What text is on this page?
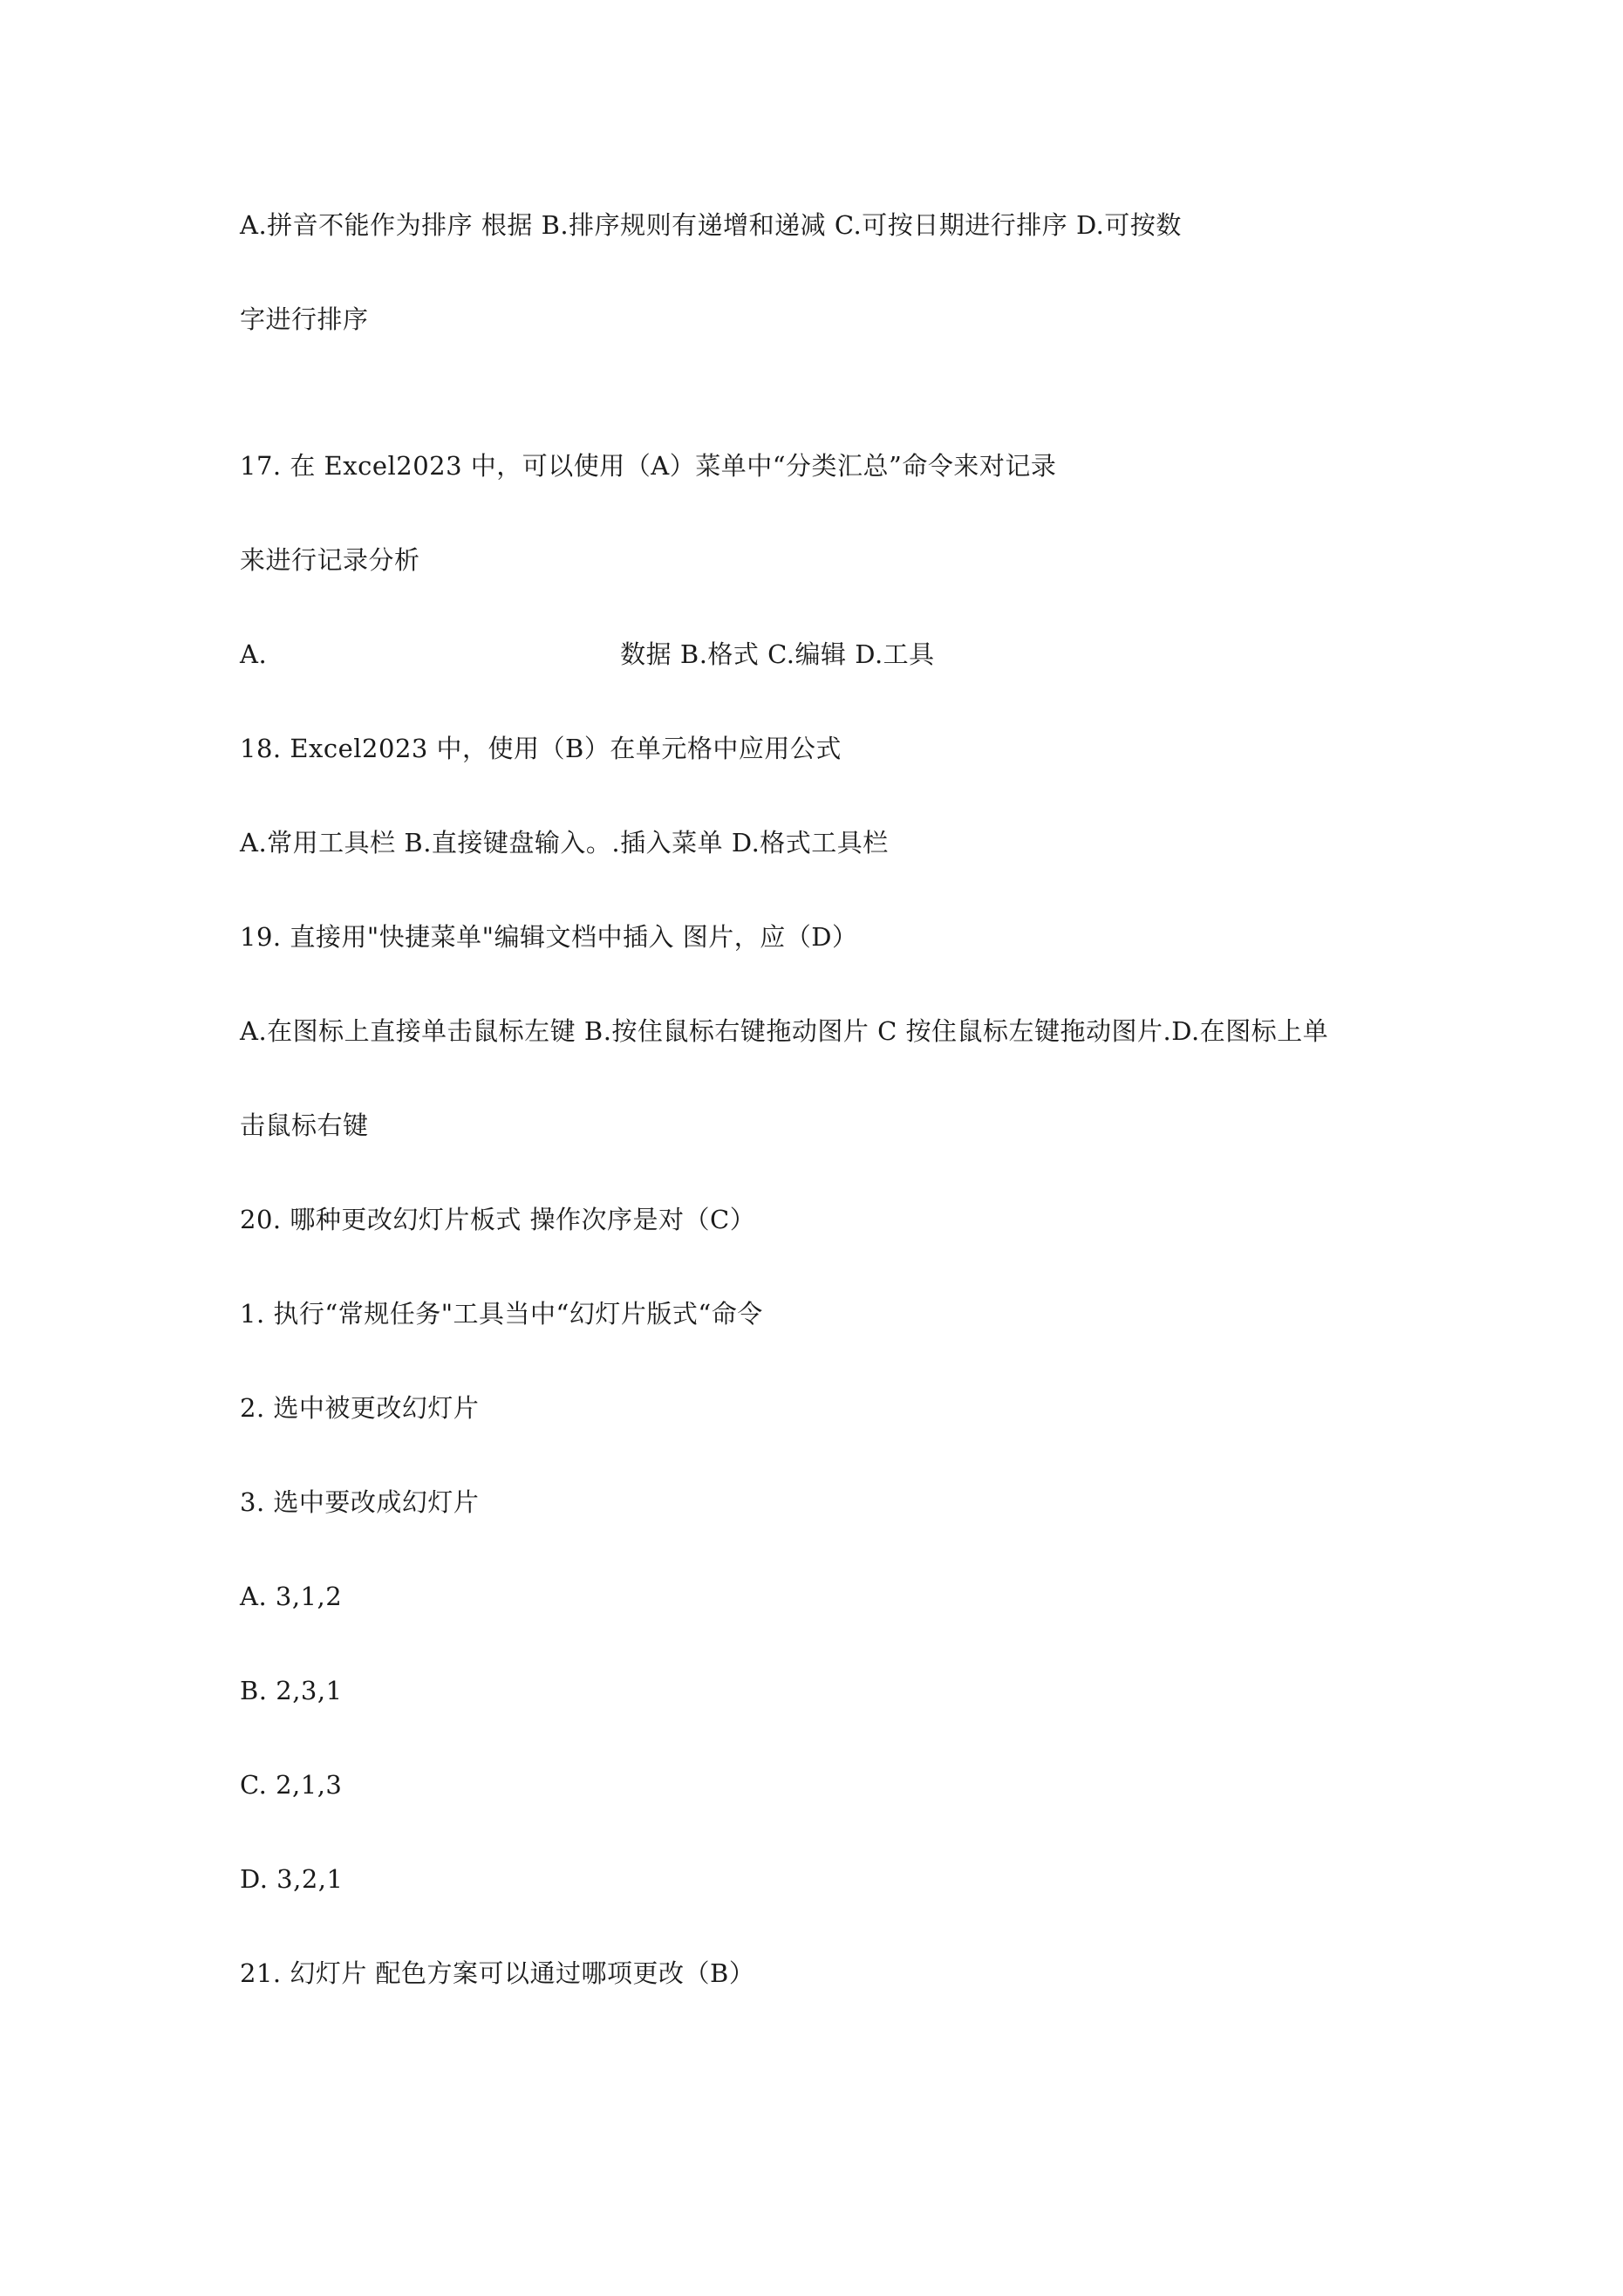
A.拼音不能作为排序 根据 B.排序规则有递增和递减 C.可按日期进行排序 D.可按数

字进行排序

17. 在 Excel2023 中，可以使用（A）菜单中“分类汇总”命令来对记录

来进行记录分析

A.	数据 B.格式 C.编辑 D.工具

18. Excel2023 中，使用（B）在单元格中应用公式

A.常用工具栏 B.直接键盘输入。.插入菜单 D.格式工具栏

19. 直接用"快捷菜单"编辑文档中插入 图片，应（D）

A.在图标上直接单击鼠标左键 B.按住鼠标右键拖动图片 C 按住鼠标左键拖动图片.D.在图标上单

击鼠标右键

20. 哪种更改幻灯片板式 操作次序是对（C）

1. 执行“常规任务"工具当中“幻灯片版式“命令

2. 选中被更改幻灯片

3. 选中要改成幻灯片

A. 3,1,2

B. 2,3,1

C. 2,1,3

D. 3,2,1

21. 幻灯片 配色方案可以通过哪项更改（B）
